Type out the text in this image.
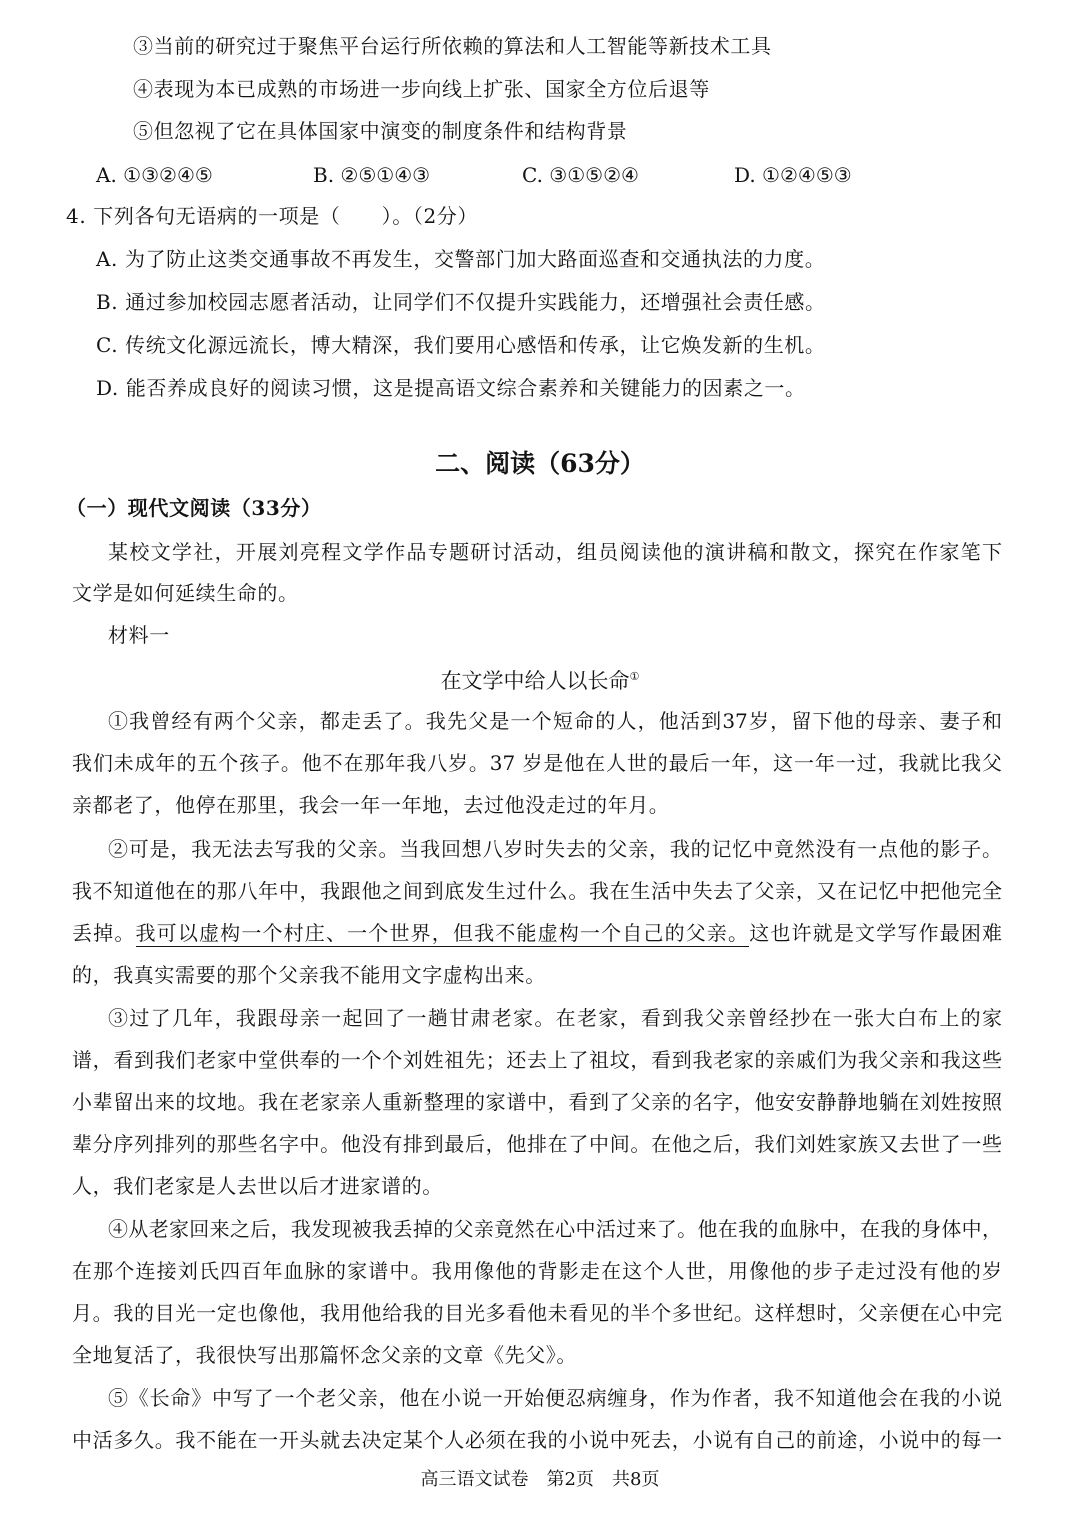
③当前的研究过于聚焦平台运行所依赖的算法和人工智能等新技术工具
④表现为本已成熟的市场进一步向线上扩张、国家全方位后退等
⑤但忽视了它在具体国家中演变的制度条件和结构背景
A. ①③②④⑤	B. ②⑤①④③	C. ③①⑤②④	D. ①②④⑤③
4. 下列各句无语病的一项是（　　）。（2分）
A. 为了防止这类交通事故不再发生，交警部门加大路面巡查和交通执法的力度。
B. 通过参加校园志愿者活动，让同学们不仅提升实践能力，还增强社会责任感。
C. 传统文化源远流长，博大精深，我们要用心感悟和传承，让它焕发新的生机。
D. 能否养成良好的阅读习惯，这是提高语文综合素养和关键能力的因素之一。
二、阅读（63分）
（一）现代文阅读（33分）
某校文学社，开展刘亮程文学作品专题研讨活动，组员阅读他的演讲稿和散文，探究在作家笔下
文学是如何延续生命的。
材料一
在文学中给人以长命①
①我曾经有两个父亲，都走丢了。我先父是一个短命的人，他活到37岁，留下他的母亲、妻子和
我们未成年的五个孩子。他不在那年我八岁。37 岁是他在人世的最后一年，这一年一过，我就比我父
亲都老了，他停在那里，我会一年一年地，去过他没走过的年月。
②可是，我无法去写我的父亲。当我回想八岁时失去的父亲，我的记忆中竟然没有一点他的影子。
我不知道他在的那八年中，我跟他之间到底发生过什么。我在生活中失去了父亲，又在记忆中把他完全
丢掉。我可以虚构一个村庄、一个世界，但我不能虚构一个自己的父亲。这也许就是文学写作最困难
的，我真实需要的那个父亲我不能用文字虚构出来。
③过了几年，我跟母亲一起回了一趟甘肃老家。在老家，看到我父亲曾经抄在一张大白布上的家
谱，看到我们老家中堂供奉的一个个刘姓祖先；还去上了祖坟，看到我老家的亲戚们为我父亲和我这些
小辈留出来的坟地。我在老家亲人重新整理的家谱中，看到了父亲的名字，他安安静静地躺在刘姓按照
辈分序列排列的那些名字中。他没有排到最后，他排在了中间。在他之后，我们刘姓家族又去世了一些
人，我们老家是人去世以后才进家谱的。
④从老家回来之后，我发现被我丢掉的父亲竟然在心中活过来了。他在我的血脉中，在我的身体中，
在那个连接刘氏四百年血脉的家谱中。我用像他的背影走在这个人世，用像他的步子走过没有他的岁
月。我的目光一定也像他，我用他给我的目光多看他未看见的半个多世纪。这样想时，父亲便在心中完
全地复活了，我很快写出那篇怀念父亲的文章《先父》。
⑤《长命》中写了一个老父亲，他在小说一开始便忍病缠身，作为作者，我不知道他会在我的小说
中活多久。我不能在一开头就去决定某个人必须在我的小说中死去，小说有自己的前途，小说中的每一
高三语文试卷　第2页　共8页
